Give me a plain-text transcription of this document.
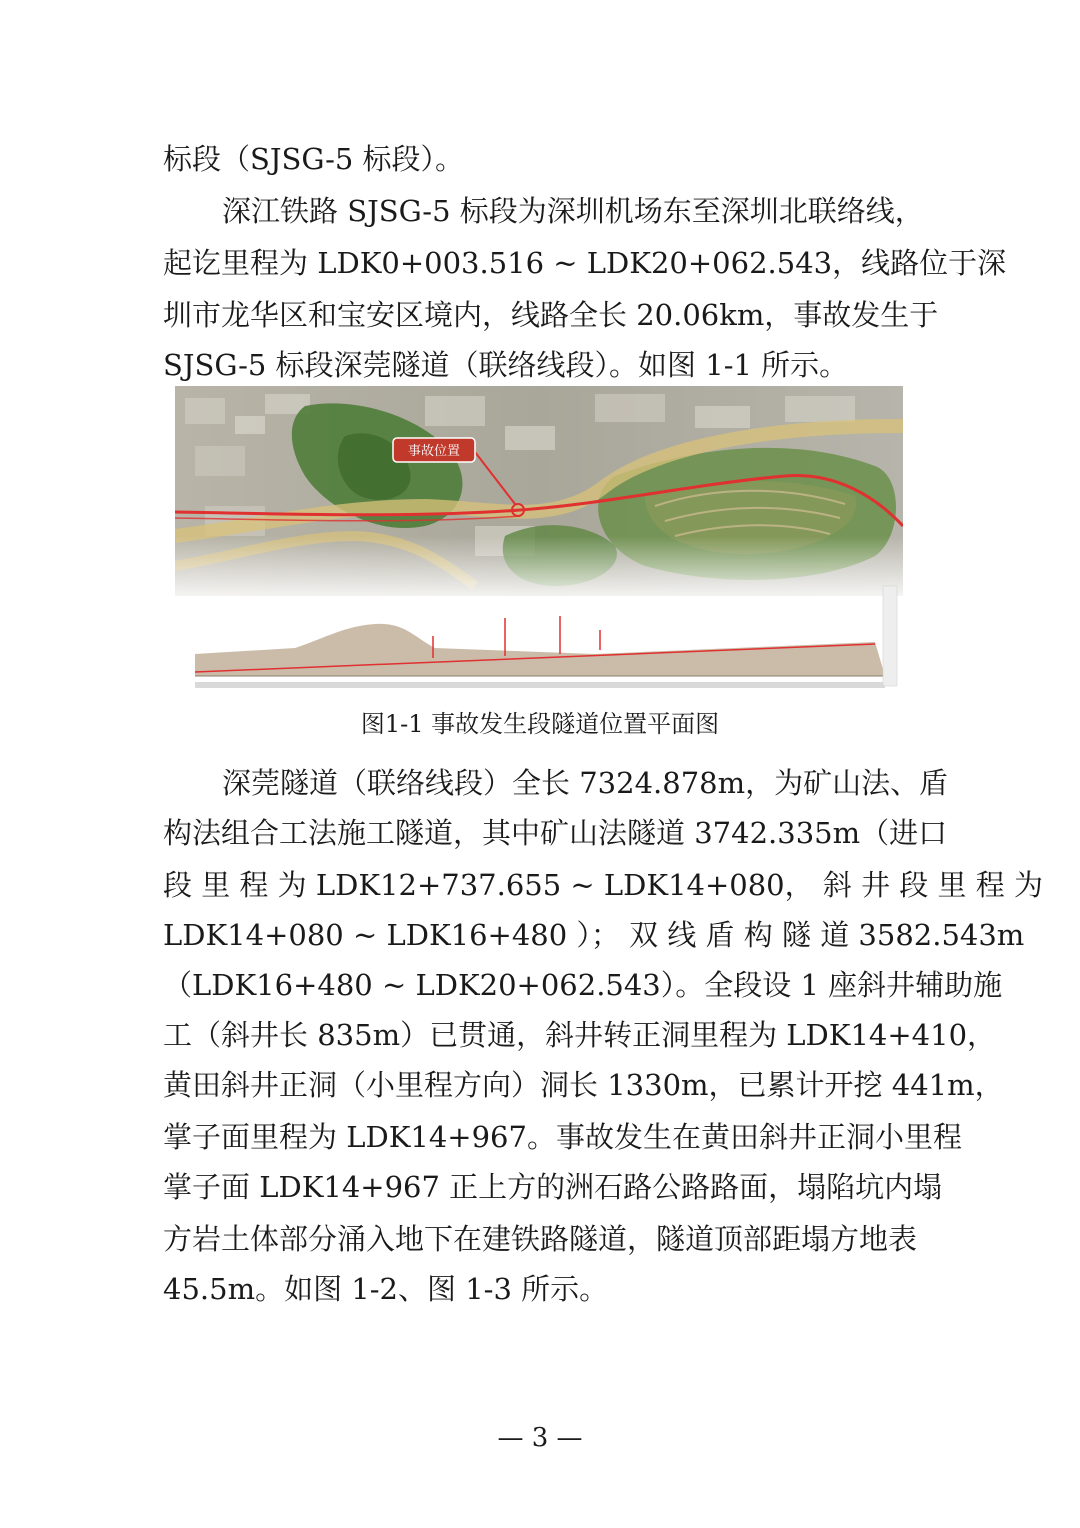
标段（SJSG-5 标段）。
深江铁路 SJSG-5 标段为深圳机场东至深圳北联络线，
起讫里程为 LDK0+003.516 ~ LDK20+062.543，线路位于深
圳市龙华区和宝安区境内，线路全长 20.06km，事故发生于
SJSG-5 标段深莞隧道（联络线段）。如图 1-1 所示。
事故位置
图1-1 事故发生段隧道位置平面图
深莞隧道（联络线段）全长 7324.878m，为矿山法、盾
构法组合工法施工隧道，其中矿山法隧道 3742.335m（进口
段 里 程 为 LDK12+737.655 ~ LDK14+080， 斜 井 段 里 程 为
LDK14+080 ~ LDK16+480 ）； 双 线 盾 构 隧 道 3582.543m
（LDK16+480 ~ LDK20+062.543）。全段设 1 座斜井辅助施
工（斜井长 835m）已贯通，斜井转正洞里程为 LDK14+410，
黄田斜井正洞（小里程方向）洞长 1330m，已累计开挖 441m，
掌子面里程为 LDK14+967。事故发生在黄田斜井正洞小里程
掌子面 LDK14+967 正上方的洲石路公路路面，塌陷坑内塌
方岩土体部分涌入地下在建铁路隧道，隧道顶部距塌方地表
45.5m。如图 1-2、图 1-3 所示。
— 3 —
